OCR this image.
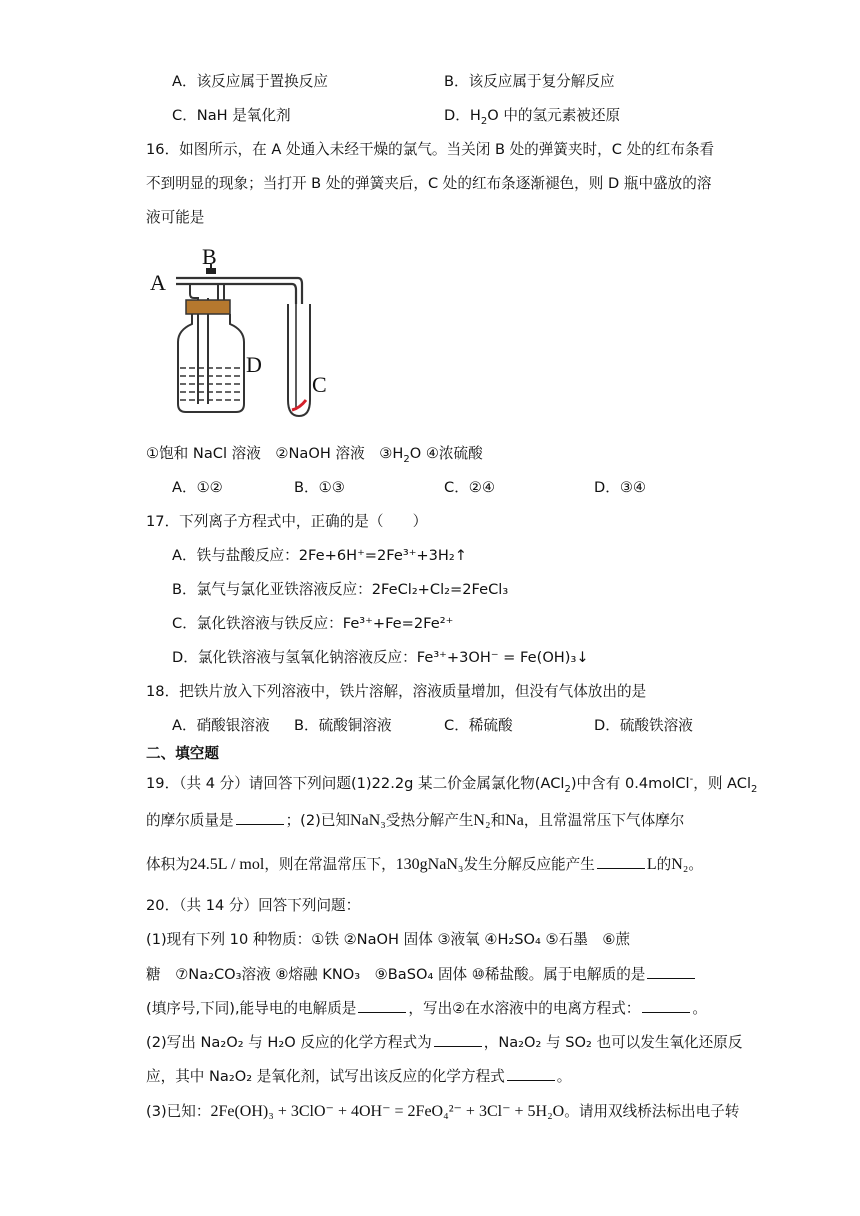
A．该反应属于置换反应	B．该反应属于复分解反应
C．NaH 是氧化剂	D．$H_2O$ 中的氢元素被还原
16．如图所示，在 A 处通入未经干燥的氯气。当关闭 B 处的弹簧夹时，C 处的红布条看
不到明显的现象；当打开 B 处的弹簧夹后，C 处的红布条逐渐褪色，则 D 瓶中盛放的溶
液可能是
A
B
D
C
①饱和 NaCl 溶液　②NaOH 溶液　$③H_2O$ ④浓硫酸
A．①②	B．①③	C．②④	D．③④
17．下列离子方程式中，正确的是（　　）
A．铁与盐酸反应：2Fe+6H⁺=2Fe³⁺+3H₂↑
B．氯气与氯化亚铁溶液反应：2FeCl₂+Cl₂=2FeCl₃
C．氯化铁溶液与铁反应：Fe³⁺+Fe=2Fe²⁺
D．氯化铁溶液与氢氧化钠溶液反应：Fe³⁺+3OH⁻ = Fe(OH)₃↓
18．把铁片放入下列溶液中，铁片溶解，溶液质量增加，但没有气体放出的是
A．硝酸银溶液 B．硫酸铜溶液	C．稀硫酸	D．硫酸铁溶液
二、填空题
19．（共 4 分）请回答下列问题(1)22.2g 某二价金属氯化物(ACl$_2$)中含有 0.4molCl-，则 ACl$_2$
的摩尔质量是	；(2)已知NaN₃受热分解产生N₂和Na，且常温常压下气体摩尔
体积为24.5L / mol，则在常温常压下，130gNaN₃发生分解反应能产生	L的N₂。
20．（共 14 分）回答下列问题：
(1)现有下列 10 种物质：①铁 ②NaOH 固体 ③液氧 ④H₂SO₄ ⑤石墨　⑥蔗
糖　⑦Na₂CO₃溶液 ⑧熔融 KNO₃　⑨BaSO₄ 固体 ⑩稀盐酸。属于电解质的是
(填序号,下同),能导电的电解质是	，写出②在水溶液中的电离方程式：	。
(2)写出 Na₂O₂ 与 H₂O 反应的化学方程式为	，Na₂O₂ 与 SO₂ 也可以发生氧化还原反
应，其中 Na₂O₂ 是氧化剂，试写出该反应的化学方程式	。
(3)已知：2Fe(OH)₃ + 3ClO⁻ + 4OH⁻ = 2FeO₄²⁻ + 3Cl⁻ + 5H₂O。请用双线桥法标出电子转
